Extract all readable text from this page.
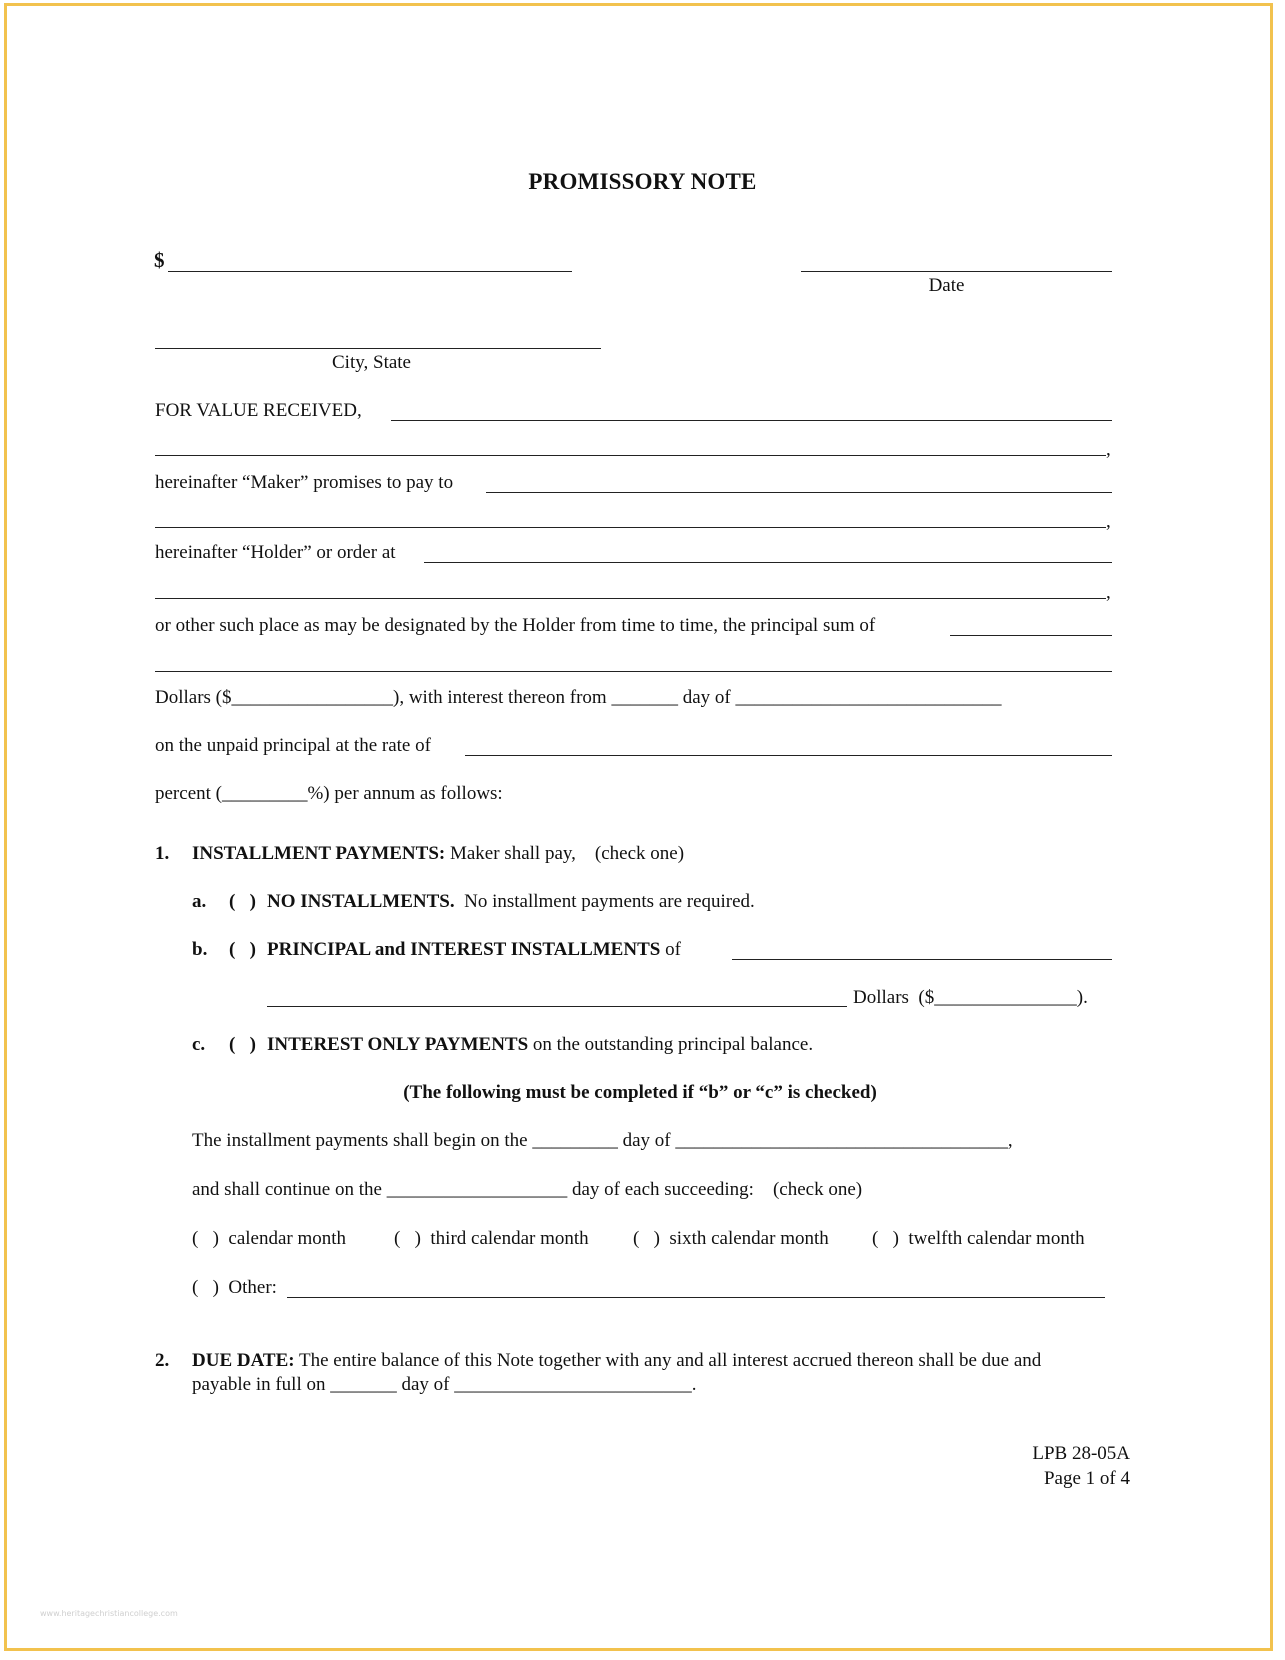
PROMISSORY NOTE
$
Date
City, State
FOR VALUE RECEIVED,
,
hereinafter “Maker” promises to pay to
,
hereinafter “Holder” or order at
,
or other such place as may be designated by the Holder from time to time, the principal sum of
Dollars ($_________________), with interest thereon from _______ day of ____________________________
on the unpaid principal at the rate of
percent (_________%) per annum as follows:
1. INSTALLMENT PAYMENTS: Maker shall pay,    (check one)
a. (   ) NO INSTALLMENTS.  No installment payments are required.
b. (   ) PRINCIPAL and INTEREST INSTALLMENTS of
Dollars  ($_______________).
c. (   ) INTEREST ONLY PAYMENTS on the outstanding principal balance.
(The following must be completed if “b” or “c” is checked)
The installment payments shall begin on the _________ day of ___________________________________,
and shall continue on the ___________________ day of each succeeding:    (check one)
(   )  calendar month	(   )  third calendar month (   )  sixth calendar month (   )  twelfth calendar month
(   )  Other:
2. DUE DATE: The entire balance of this Note together with any and all interest accrued thereon shall be due and
payable in full on _______ day of _________________________.
LPB 28-05A
Page 1 of 4
www.heritagechristiancollege.com
